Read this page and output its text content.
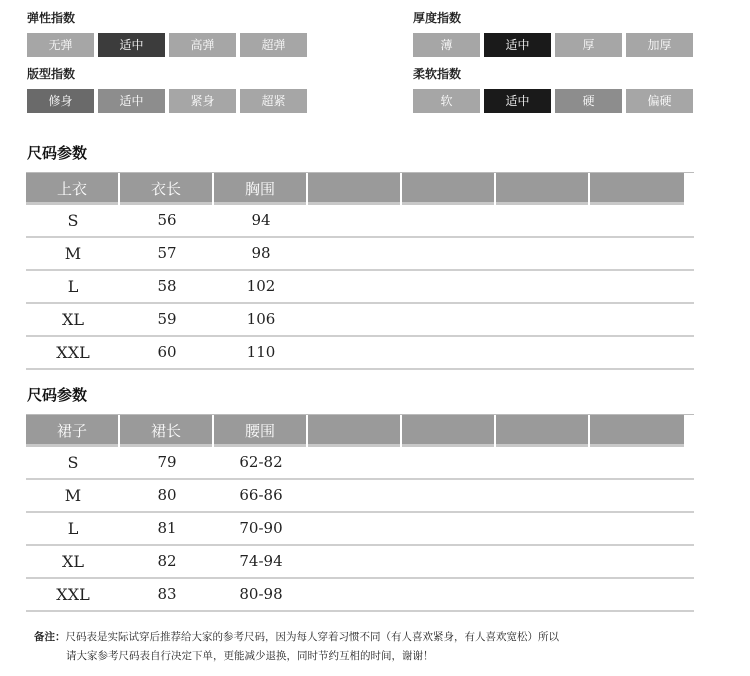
弹性指数
无弹	适中	高弹	超弹
版型指数
修身	适中	紧身	超紧
厚度指数
薄	适中	厚	加厚
柔软指数
软	适中	硬	偏硬
尺码参数
上衣	衣长	胸围
S	56	94
M	57	98
L	58	102
XL	59	106
XXL	60	110
尺码参数
裙子	裙长	腰围
S	79	62-82
M	80	66-86
L	81	70-90
XL	82	74-94
XXL	83	80-98
备注：尺码表是实际试穿后推荐给大家的参考尺码，因为每人穿着习惯不同（有人喜欢紧身，有人喜欢宽松）所以
请大家参考尺码表自行决定下单，更能减少退换，同时节约互相的时间，谢谢！
